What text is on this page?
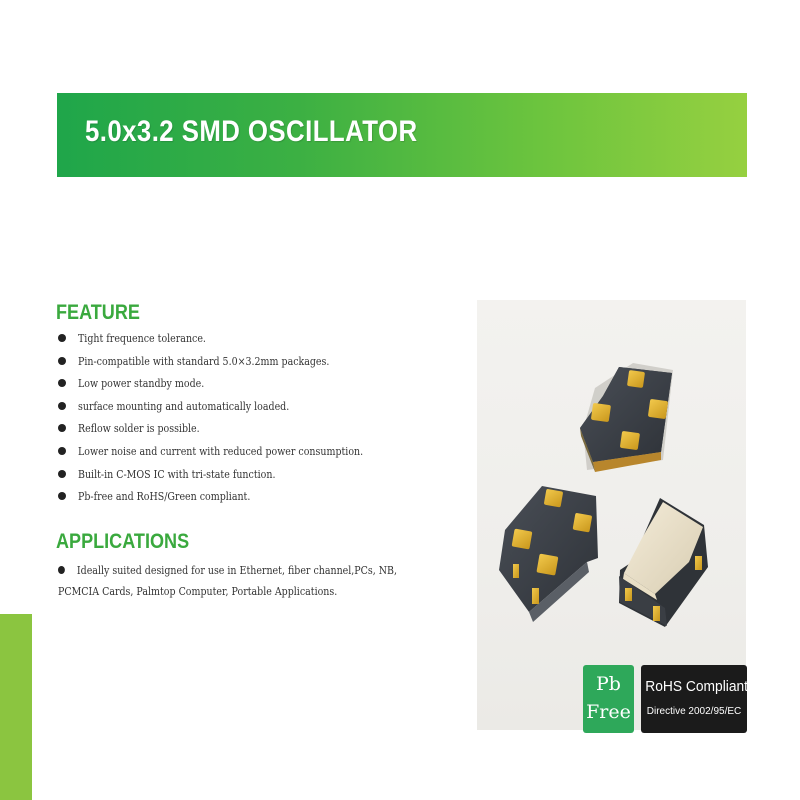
5.0x3.2 SMD OSCILLATOR
FEATURE
Tight frequence tolerance.
Pin-compatible with standard 5.0×3.2mm packages.
Low power standby mode.
surface mounting and automatically loaded.
Reflow solder is possible.
Lower noise and current with reduced power consumption.
Built-in C-MOS IC with tri-state function.
Pb-free and RoHS/Green compliant.
APPLICATIONS
Ideally suited designed for use in Ethernet, fiber channel,PCs, NB,
PCMCIA Cards, Palmtop Computer, Portable Applications.
Pb
Free
RoHS Compliant
Directive 2002/95/EC
